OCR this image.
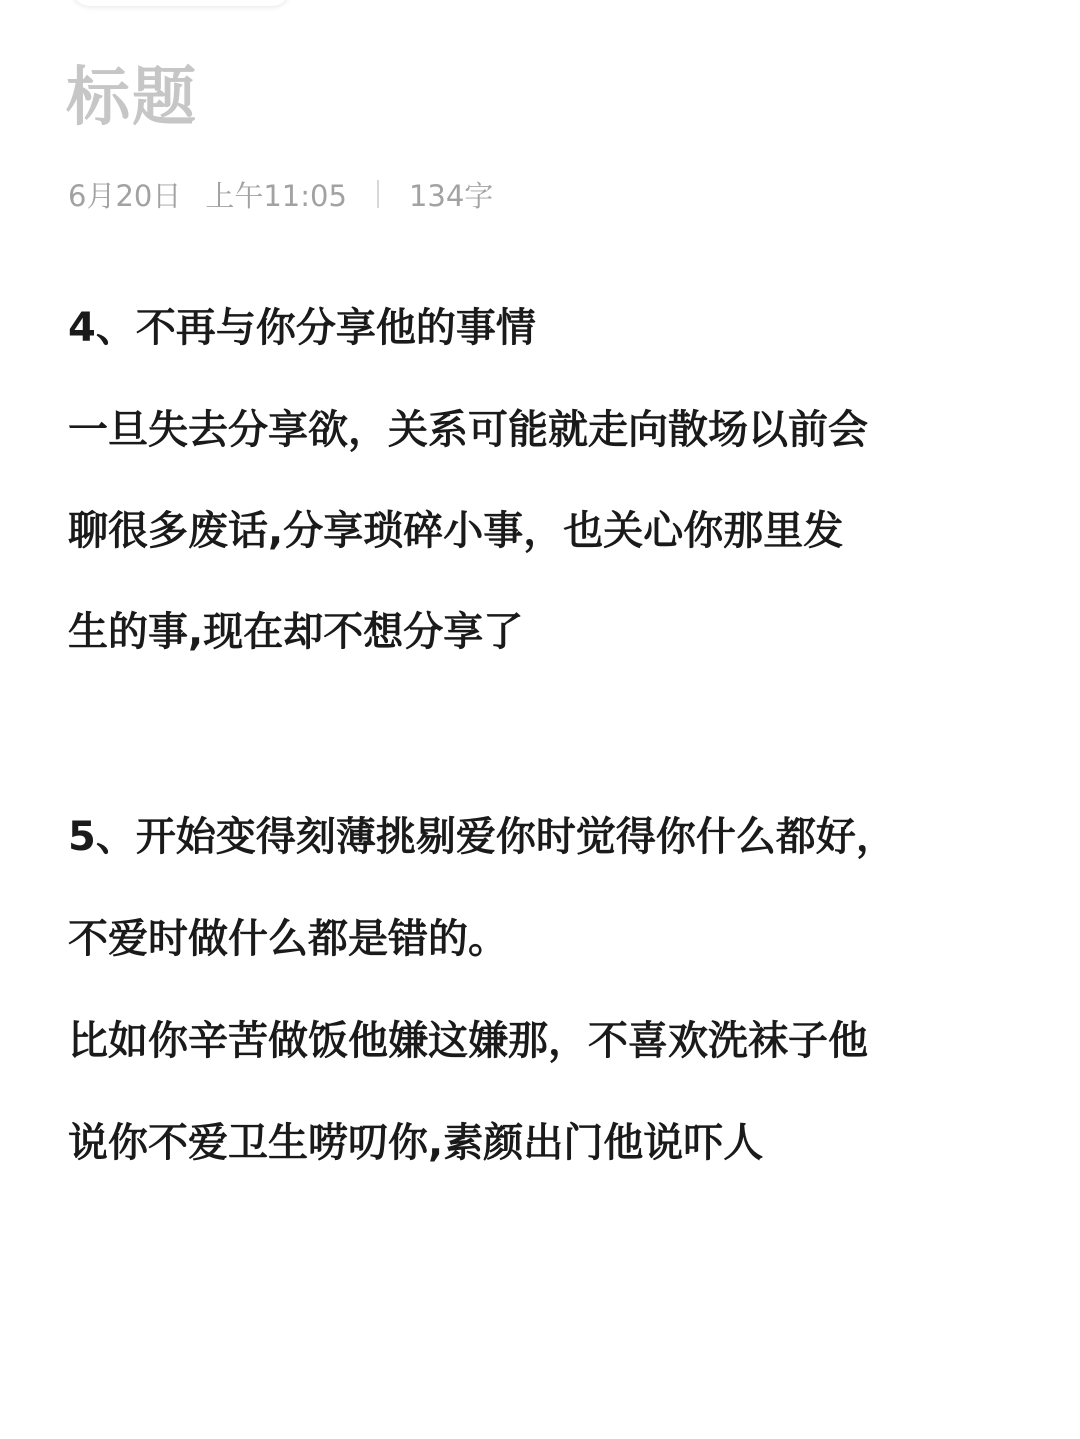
标题
6月20日 上午11:05 134字
4、不再与你分享他的事情
一旦失去分享欲，关系可能就走向散场以前会
聊很多废话,分享琐碎小事，也关心你那里发
生的事,现在却不想分享了
5、开始变得刻薄挑剔爱你时觉得你什么都好，
不爱时做什么都是错的。
比如你辛苦做饭他嫌这嫌那，不喜欢洗袜子他
说你不爱卫生唠叨你,素颜出门他说吓人
